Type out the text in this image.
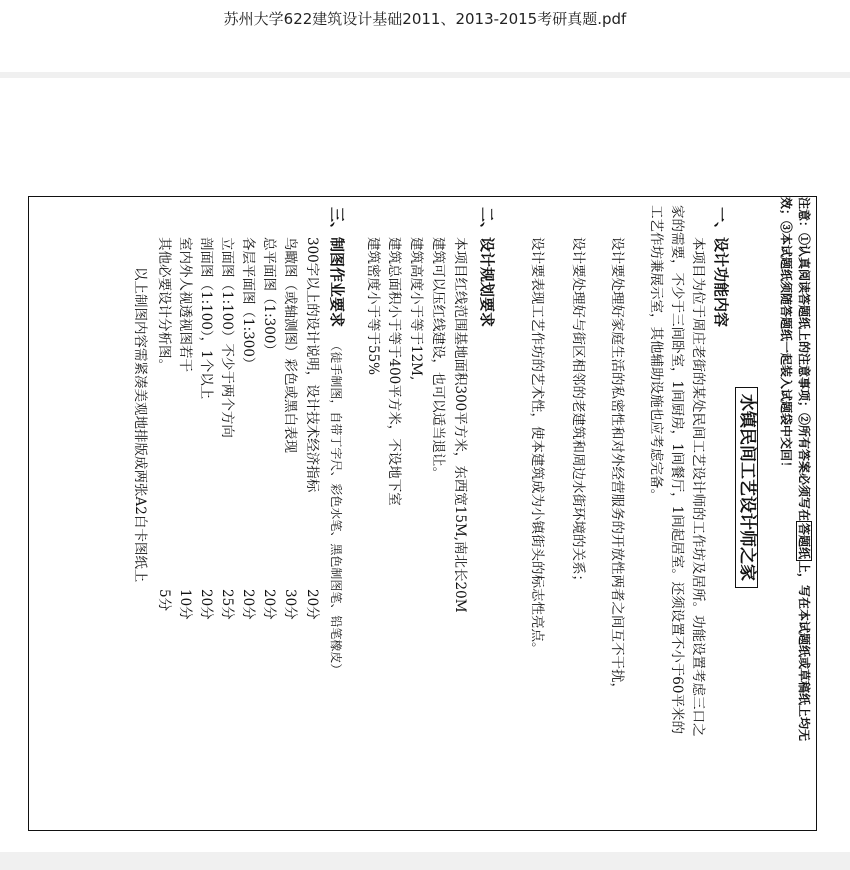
苏州大学622建筑设计基础2011、2013-2015考研真题.pdf
注意：①认真阅读答题纸上的注意事项；②所有答案必须写在答题纸上，写在本试题纸或草稿纸上均无
效；③本试题纸须随答题纸一起装入试题袋中交回！
水镇民间工艺设计师之家
一、设计功能内容
本项目为位于周庄老街的某处民间工艺设计师的工作坊及居所。功能设置考虑三口之
家的需要，不少于三间卧室，1间厨房，1间餐厅，1间起居室。还须设置不小于60平米的
工艺作坊兼展示室，其他辅助设施也应考虑完备。
设计要处理好家庭生活的私密性和对外经营服务的开放性两者之间互不干扰，
设计要处理好与街区相邻的老建筑和周边水街环境的关系；
设计要表现工艺作坊的艺术性，使本建筑成为小镇街头的标志性亮点。
二、设计规划要求
本项目红线范围基地面积300平方米，东西宽15M,南北长20M
建筑可以压红线建设，也可以适当退让。
建筑高度小于等于12M,
建筑总面积小于等于400平方米，不设地下室
建筑密度小于等于55%
三、制图作业要求 （徒手制图，自带丁字尺、彩色水笔、黑色制图笔、铅笔橡皮）
300字以上的设计说明，设计技术经济指标
20分
鸟瞰图（或轴测图）彩色或黑白表现
30分
总平面图（1:300）
20分
各层平面图（1:300）
20分
立面图（1:100）不少于两个方向
25分
剖面图（1:100），1个以上
20分
室内外人视透视图若干
10分
其他必要设计分析图。
5分
以上制图内容需紧凑美观地排版成两张A2白卡图纸上
